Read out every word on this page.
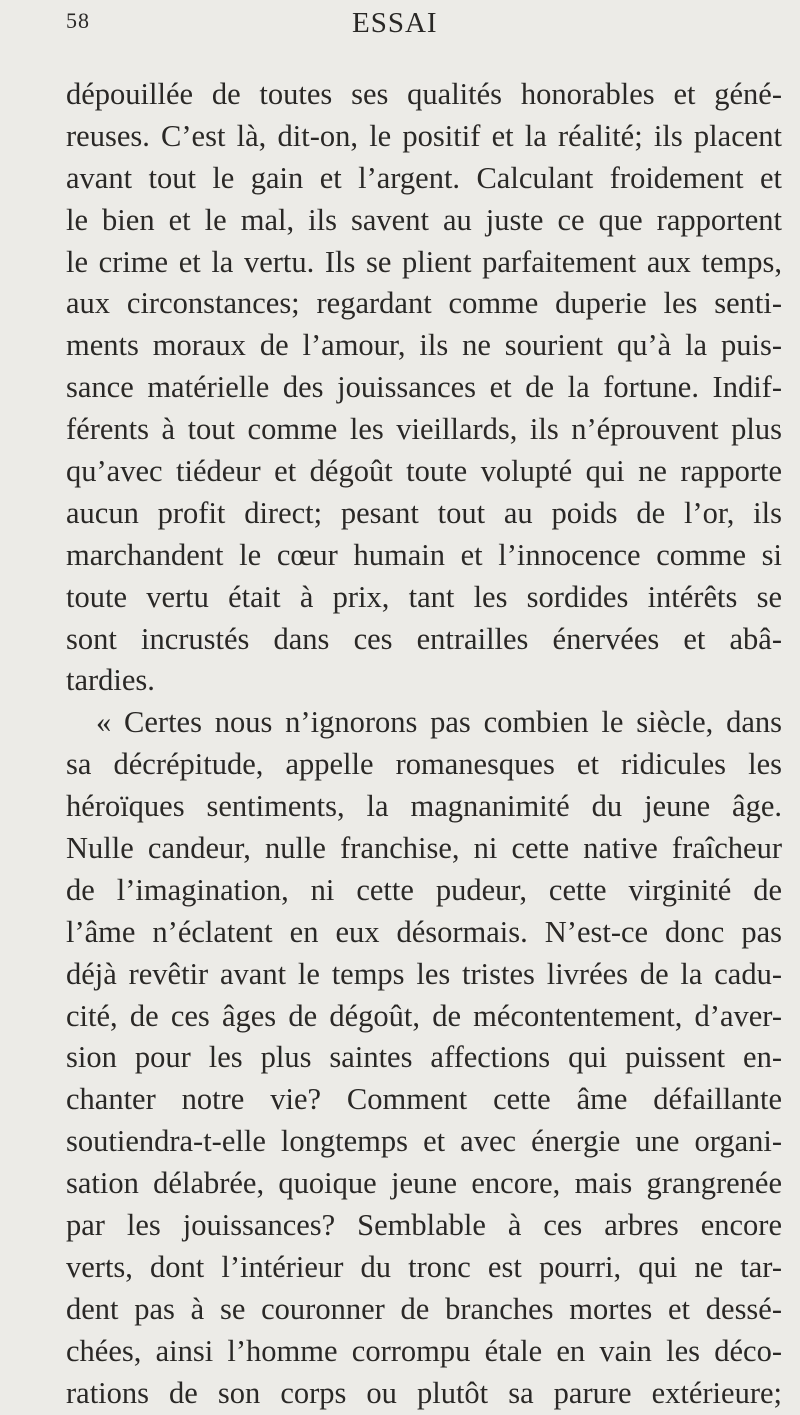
58	ESSAI
dépouillée de toutes ses qualités honorables et géné-
reuses. C’est là, dit-on, le positif et la réalité; ils placent
avant tout le gain et l’argent. Calculant froidement et
le bien et le mal, ils savent au juste ce que rapportent
le crime et la vertu. Ils se plient parfaitement aux temps,
aux circonstances; regardant comme duperie les senti-
ments moraux de l’amour, ils ne sourient qu’à la puis-
sance matérielle des jouissances et de la fortune. Indif-
férents à tout comme les vieillards, ils n’éprouvent plus
qu’avec tiédeur et dégoût toute volupté qui ne rapporte
aucun profit direct; pesant tout au poids de l’or, ils
marchandent le cœur humain et l’innocence comme si
toute vertu était à prix, tant les sordides intérêts se
sont incrustés dans ces entrailles énervées et abâ-
tardies.
« Certes nous n’ignorons pas combien le siècle, dans
sa décrépitude, appelle romanesques et ridicules les
héroïques sentiments, la magnanimité du jeune âge.
Nulle candeur, nulle franchise, ni cette native fraîcheur
de l’imagination, ni cette pudeur, cette virginité de
l’âme n’éclatent en eux désormais. N’est-ce donc pas
déjà revêtir avant le temps les tristes livrées de la cadu-
cité, de ces âges de dégoût, de mécontentement, d’aver-
sion pour les plus saintes affections qui puissent en-
chanter notre vie? Comment cette âme défaillante
soutiendra-t-elle longtemps et avec énergie une organi-
sation délabrée, quoique jeune encore, mais grangrenée
par les jouissances? Semblable à ces arbres encore
verts, dont l’intérieur du tronc est pourri, qui ne tar-
dent pas à se couronner de branches mortes et dessé-
chées, ainsi l’homme corrompu étale en vain les déco-
rations de son corps ou plutôt sa parure extérieure;
